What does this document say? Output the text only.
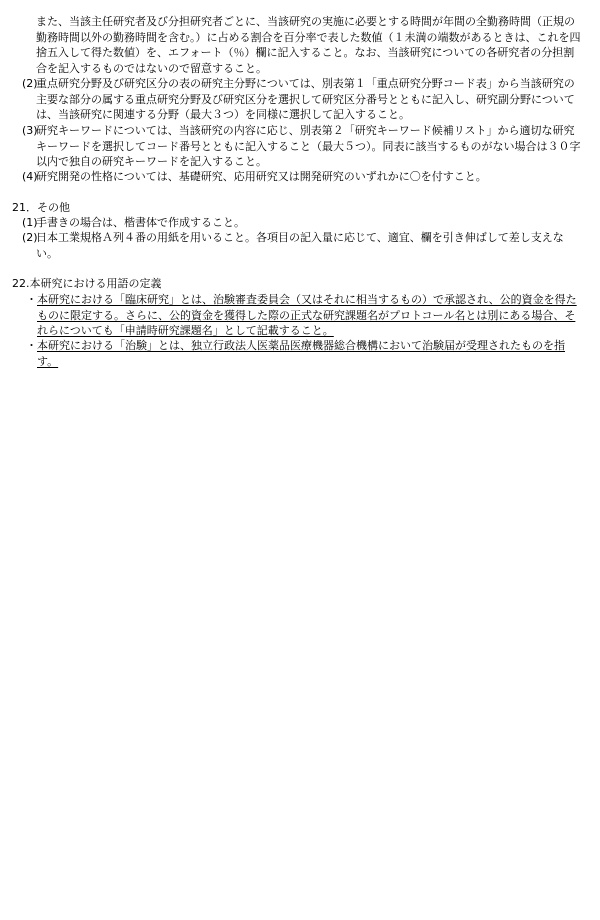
また、当該主任研究者及び分担研究者ごとに、当該研究の実施に必要とする時間が年間の全勤務時間（正規の勤務時間以外の勤務時間を含む。）に占める割合を百分率で表した数値（１未満の端数があるときは、これを四捨五入して得た数値）を、エフォート（％）欄に記入すること。なお、当該研究についての各研究者の分担割合を記入するものではないので留意すること。

(2)

重点研究分野及び研究区分の表の研究主分野については、別表第１「重点研究分野コード表」から当該研究の主要な部分の属する重点研究分野及び研究区分を選択して研究区分番号とともに記入し、研究副分野については、当該研究に関連する分野（最大３つ）を同様に選択して記入すること。

(3)

研究キーワードについては、当該研究の内容に応じ、別表第２「研究キーワード候補リスト」から適切な研究キーワードを選択してコード番号とともに記入すること（最大５つ）。同表に該当するものがない場合は３０字以内で独自の研究キーワードを記入すること。

(4)

研究開発の性格については、基礎研究、応用研究又は開発研究のいずれかに〇を付すこと。

21．その他
(1)

手書きの場合は、楷書体で作成すること。

(2)

日本工業規格Ａ列４番の用紙を用いること。各項目の記入量に応じて、適宜、欄を引き伸ばして差し支えない。

22.本研究における用語の定義
・ 本研究における「臨床研究」とは、治験審査委員会（又はそれに相当するもの）で承認され、公的資金を得たものに限定する。さらに、公的資金を獲得した際の正式な研究課題名がプロトコール名とは別にある場合、それらについても「申請時研究課題名」として記載すること。

・ 本研究における「治験」とは、独立行政法人医薬品医療機器総合機構において治験届が受理されたものを指す。
